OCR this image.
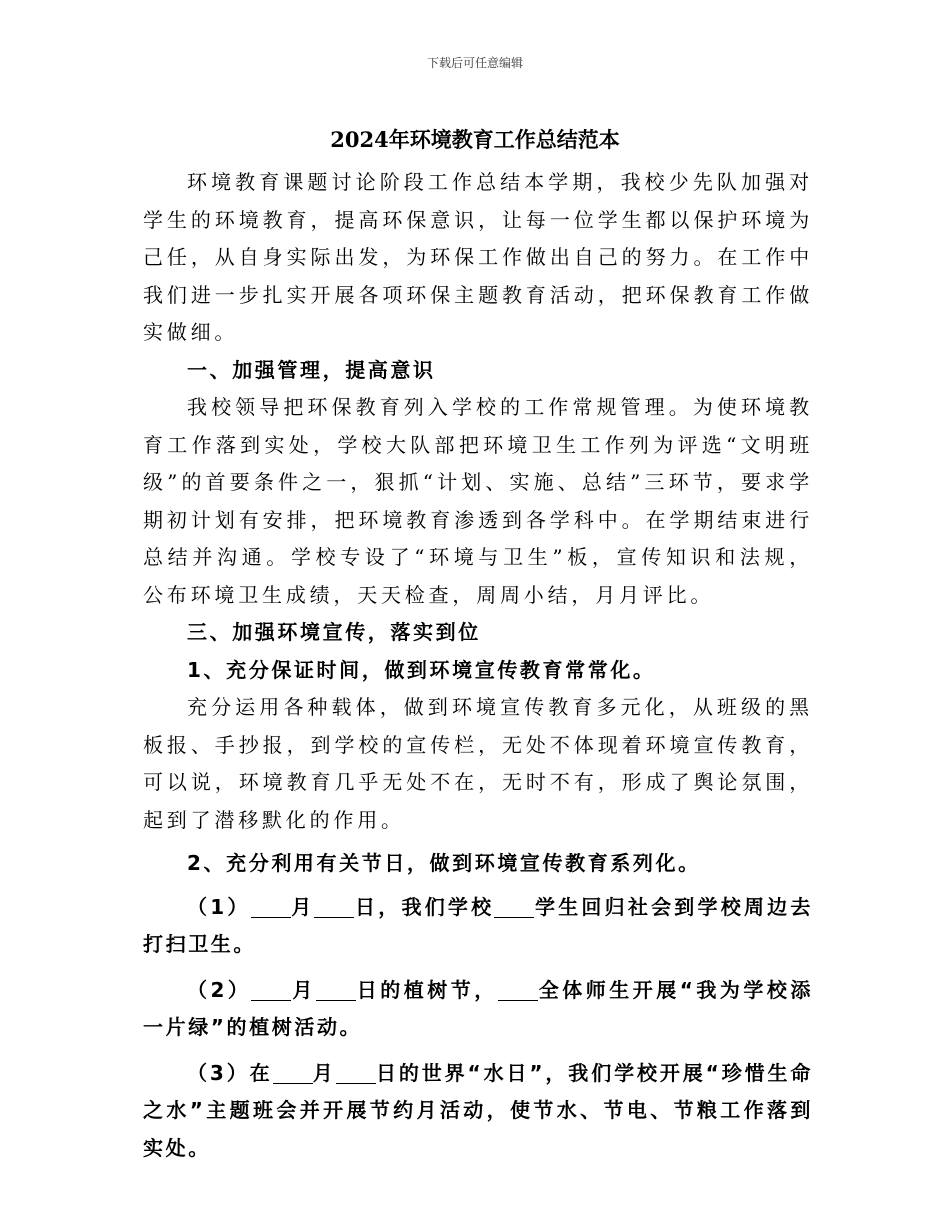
下载后可任意编辑
2024年环境教育工作总结范本

环境教育课题讨论阶段工作总结本学期，我校少先队加强对学生的环境教育，提高环保意识，让每一位学生都以保护环境为己任，从自身实际出发，为环保工作做出自己的努力。在工作中我们进一步扎实开展各项环保主题教育活动，把环保教育工作做实做细。

一、加强管理，提高意识

我校领导把环保教育列入学校的工作常规管理。为使环境教育工作落到实处，学校大队部把环境卫生工作列为评选“文明班级”的首要条件之一，狠抓“计划、实施、总结”三环节，要求学期初计划有安排，把环境教育渗透到各学科中。在学期结束进行总结并沟通。学校专设了“环境与卫生”板，宣传知识和法规，公布环境卫生成绩，天天检查，周周小结，月月评比。

三、加强环境宣传，落实到位

1、充分保证时间，做到环境宣传教育常常化。

充分运用各种载体，做到环境宣传教育多元化，从班级的黑板报、手抄报，到学校的宣传栏，无处不体现着环境宣传教育，可以说，环境教育几乎无处不在，无时不有，形成了舆论氛围，起到了潜移默化的作用。

2、充分利用有关节日，做到环境宣传教育系列化。

（1） 月 日，我们学校 学生回归社会到学校周边去打扫卫生。

（2） 月 日的植树节， 全体师生开展“我为学校添一片绿”的植树活动。

（3）在 月 日的世界“水日”，我们学校开展“珍惜生命之水”主题班会并开展节约月活动，使节水、节电、节粮工作落到实处。
